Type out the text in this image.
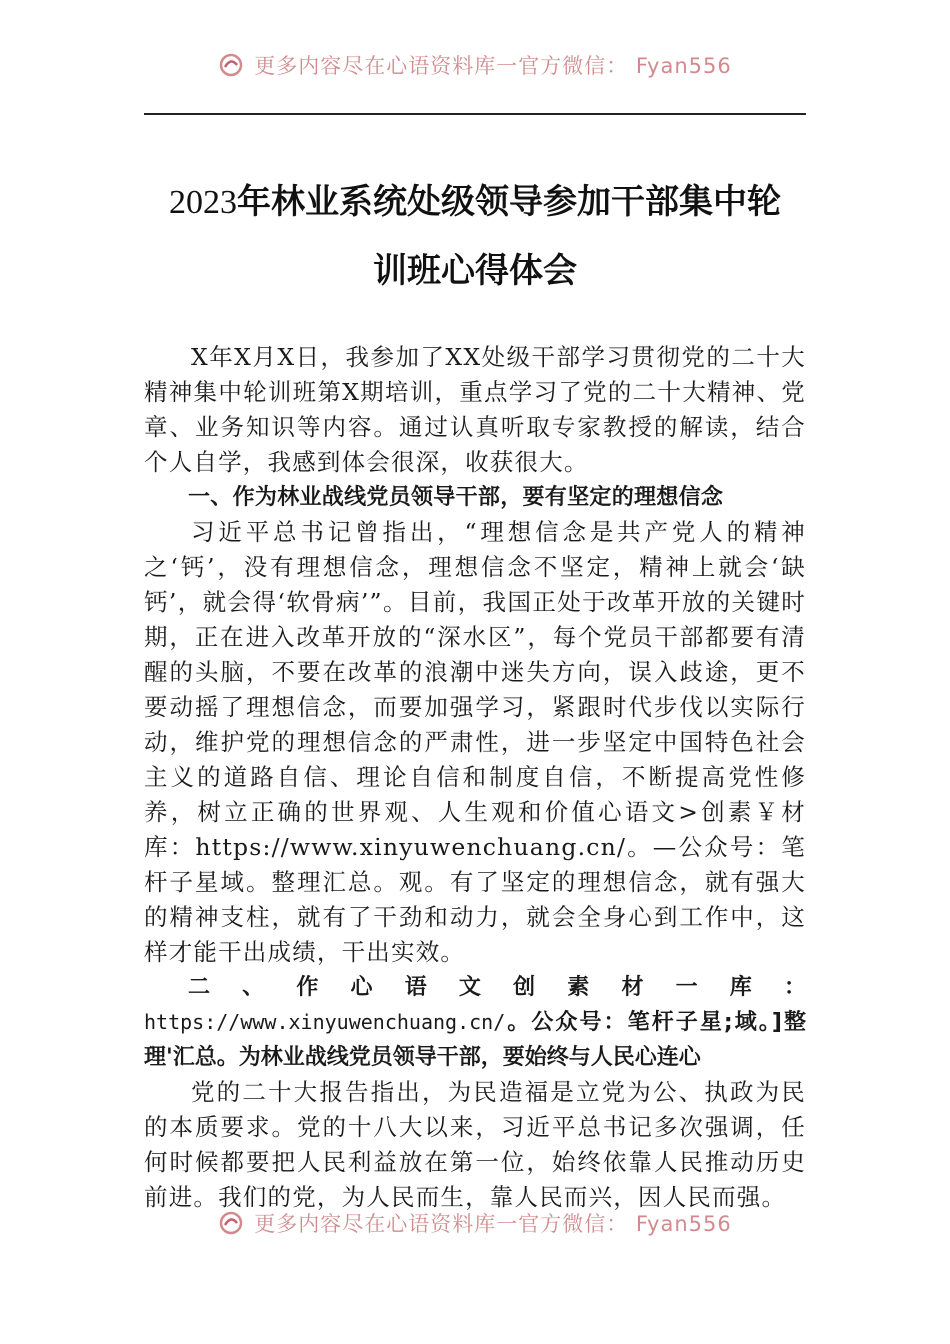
更多内容尽在心语资料库一官方微信： Fyan556
2023年林业系统处级领导参加干部集中轮
训班心得体会

X年X月X日，我参加了XX处级干部学习贯彻党的二十大精神集中轮训班第X期培训，重点学习了党的二十大精神、党章、业务知识等内容。通过认真听取专家教授的解读，结合个人自学，我感到体会很深，收获很大。

一、作为林业战线党员领导干部，要有坚定的理想信念

习近平总书记曾指出，“理想信念是共产党人的精神之‘钙’，没有理想信念，理想信念不坚定，精神上就会‘缺钙’，就会得‘软骨病’”。目前，我国正处于改革开放的关键时期，正在进入改革开放的“深水区”，每个党员干部都要有清醒的头脑，不要在改革的浪潮中迷失方向，误入歧途，更不要动摇了理想信念，而要加强学习，紧跟时代步伐以实际行动，维护党的理想信念的严肃性，进一步坚定中国特色社会主义的道路自信、理论自信和制度自信，不断提高党性修养，树立正确的世界观、人生观和价值心语文>创素￥材库：https://www.xinyuwenchuang.cn/。—公众号：笔杆子星域。整理汇总。观。有了坚定的理想信念，就有强大的精神支柱，就有了干劲和动力，就会全身心到工作中，这样才能干出成绩，干出实效。

二、作心语文创素材一库：https://www.xinyuwenchuang.cn/。公众号：笔杆子星;域。]整理'汇总。为林业战线党员领导干部，要始终与人民心连心

党的二十大报告指出，为民造福是立党为公、执政为民的本质要求。党的十八大以来，习近平总书记多次强调，任何时候都要把人民利益放在第一位，始终依靠人民推动历史前进。我们的党，为人民而生，靠人民而兴，因人民而强。

更多内容尽在心语资料库一官方微信： Fyan556
